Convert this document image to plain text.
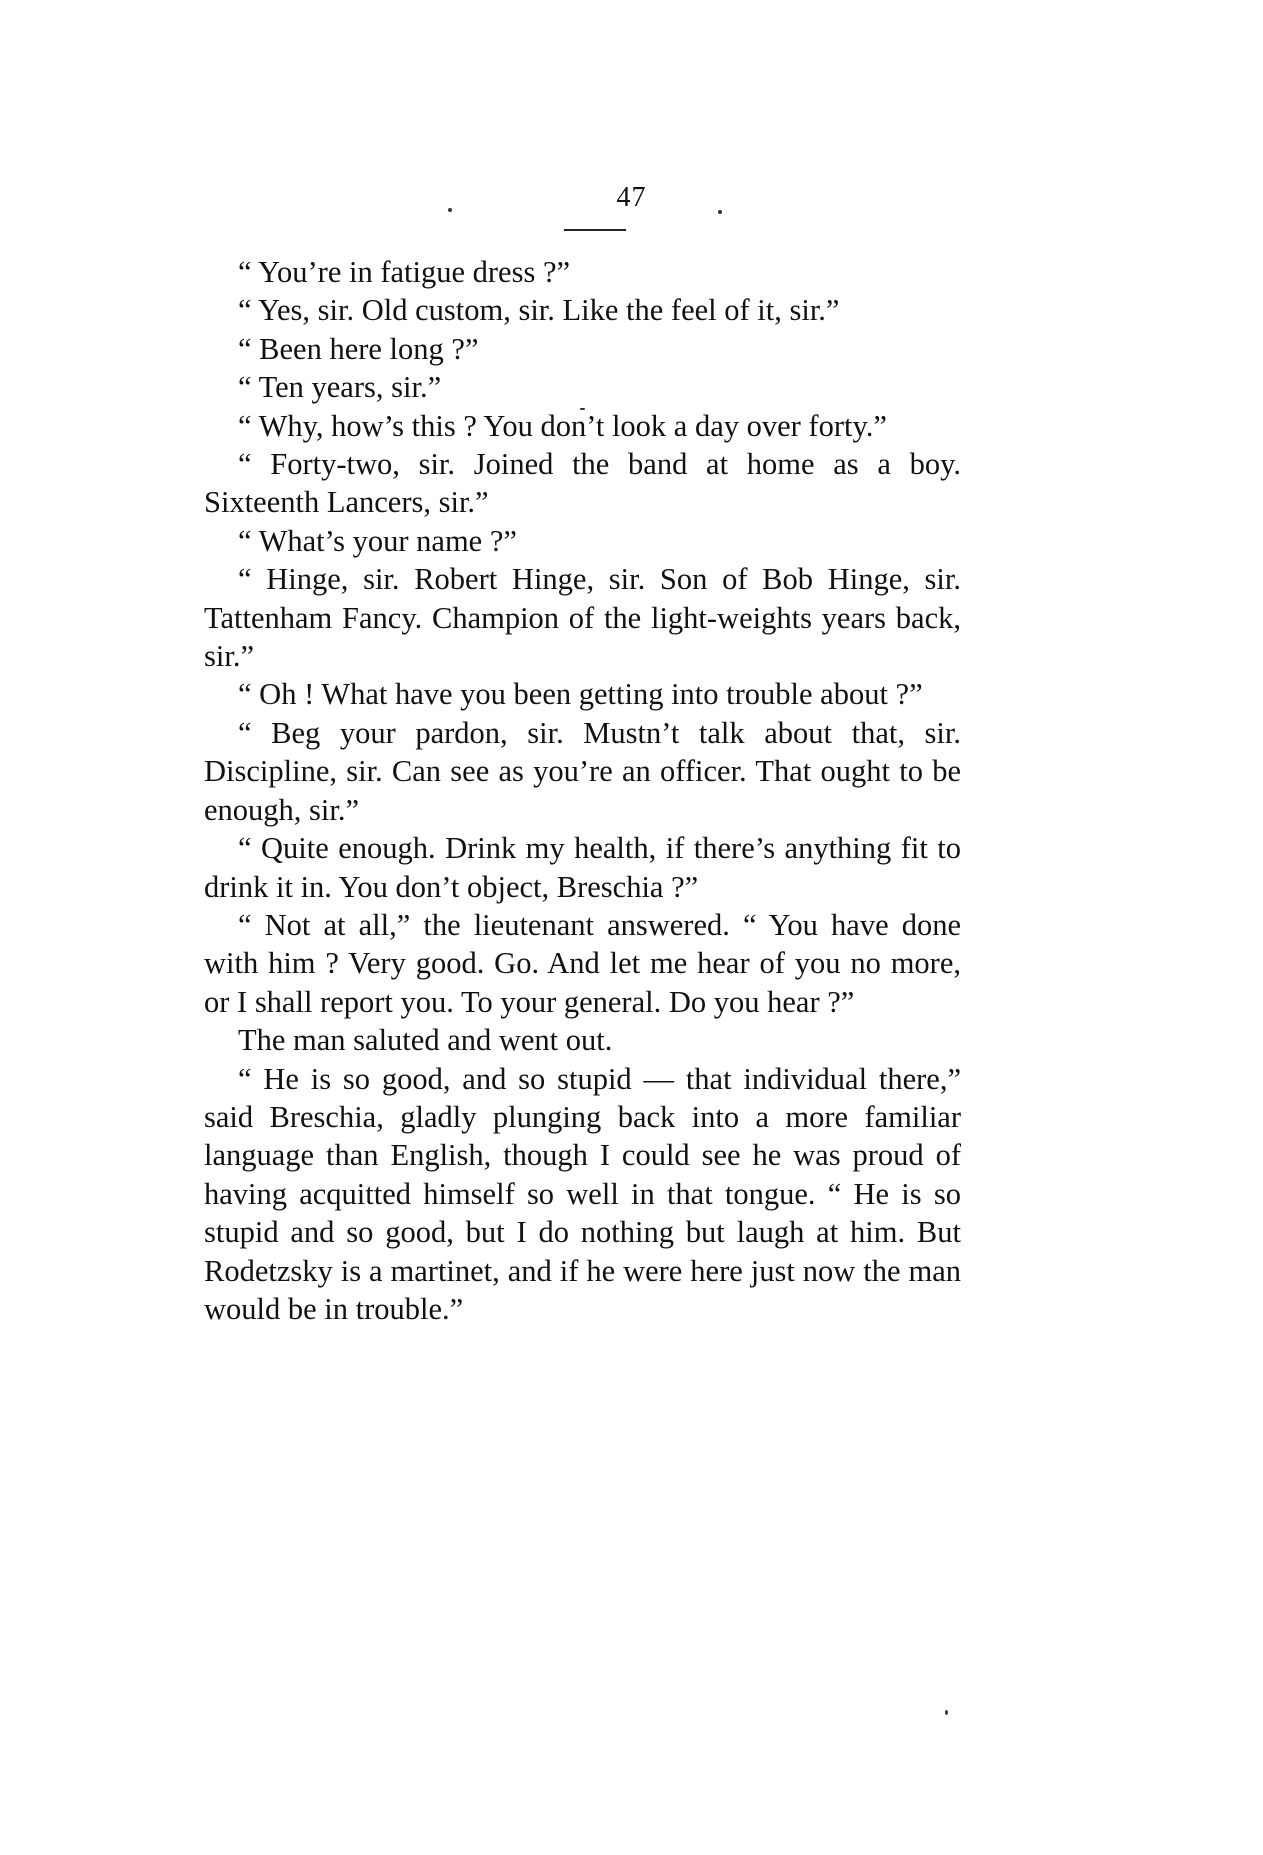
47

“ You’re in fatigue dress ?”

“ Yes, sir. Old custom, sir. Like the feel of it, sir.”

“ Been here long ?”

“ Ten years, sir.”

“ Why, how’s this ? You don’t look a day over forty.”

“ Forty-two, sir. Joined the band at home as a boy. Sixteenth Lancers, sir.”

“ What’s your name ?”

“ Hinge, sir. Robert Hinge, sir. Son of Bob Hinge, sir. Tattenham Fancy. Champion of the light-weights years back, sir.”

“ Oh ! What have you been getting into trouble about ?”

“ Beg your pardon, sir. Mustn’t talk about that, sir. Discipline, sir. Can see as you’re an officer. That ought to be enough, sir.”

“ Quite enough. Drink my health, if there’s anything fit to drink it in. You don’t object, Breschia ?”

“ Not at all,” the lieutenant answered. “ You have done with him ? Very good. Go. And let me hear of you no more, or I shall report you. To your general. Do you hear ?”

The man saluted and went out.

“ He is so good, and so stupid — that individual there,” said Breschia, gladly plunging back into a more familiar language than English, though I could see he was proud of having acquitted himself so well in that tongue. “ He is so stupid and so good, but I do nothing but laugh at him. But Rodetzsky is a martinet, and if he were here just now the man would be in trouble.”
